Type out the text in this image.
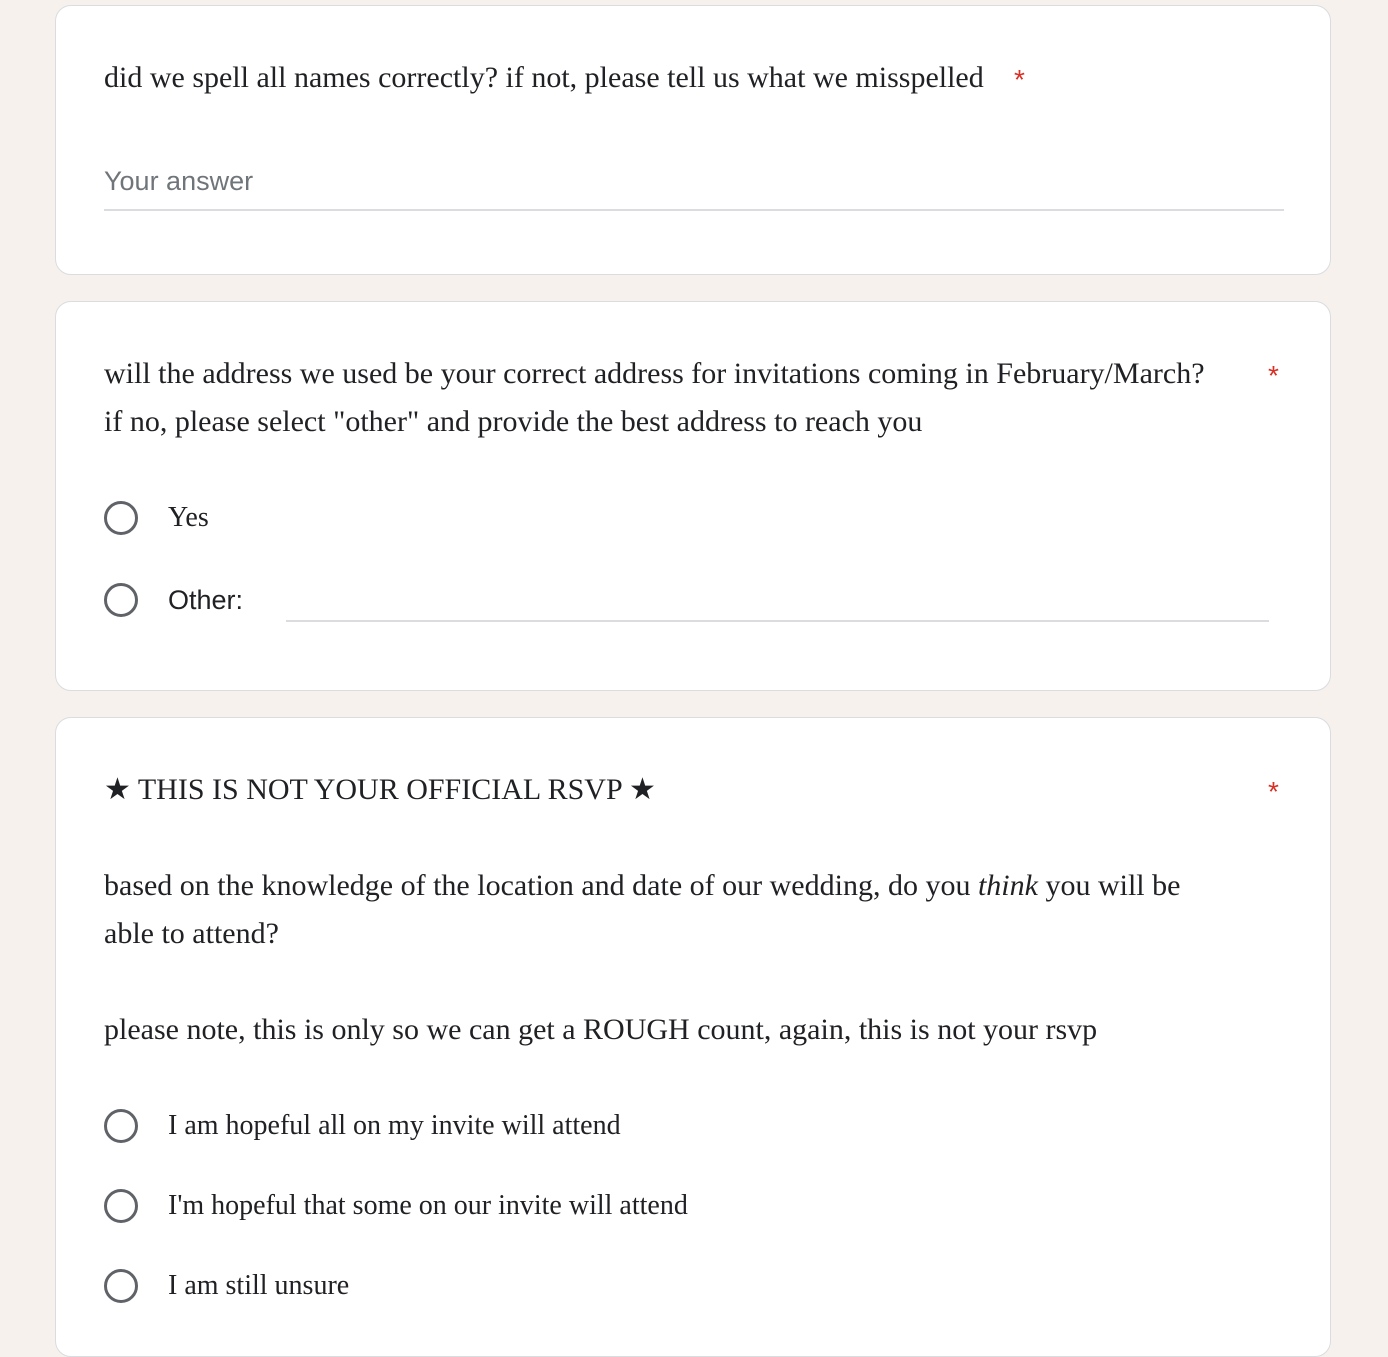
did we spell all names correctly? if not, please tell us what we misspelled *
Your answer
will the address we used be your correct address for invitations coming in February/March?
if no, please select "other" and provide the best address to reach you
*
Yes
Other:
★ THIS IS NOT YOUR OFFICIAL RSVP ★	*
based on the knowledge of the location and date of our wedding, do you think you will be
able to attend?
please note, this is only so we can get a ROUGH count, again, this is not your rsvp
I am hopeful all on my invite will attend
I'm hopeful that some on our invite will attend
I am still unsure
